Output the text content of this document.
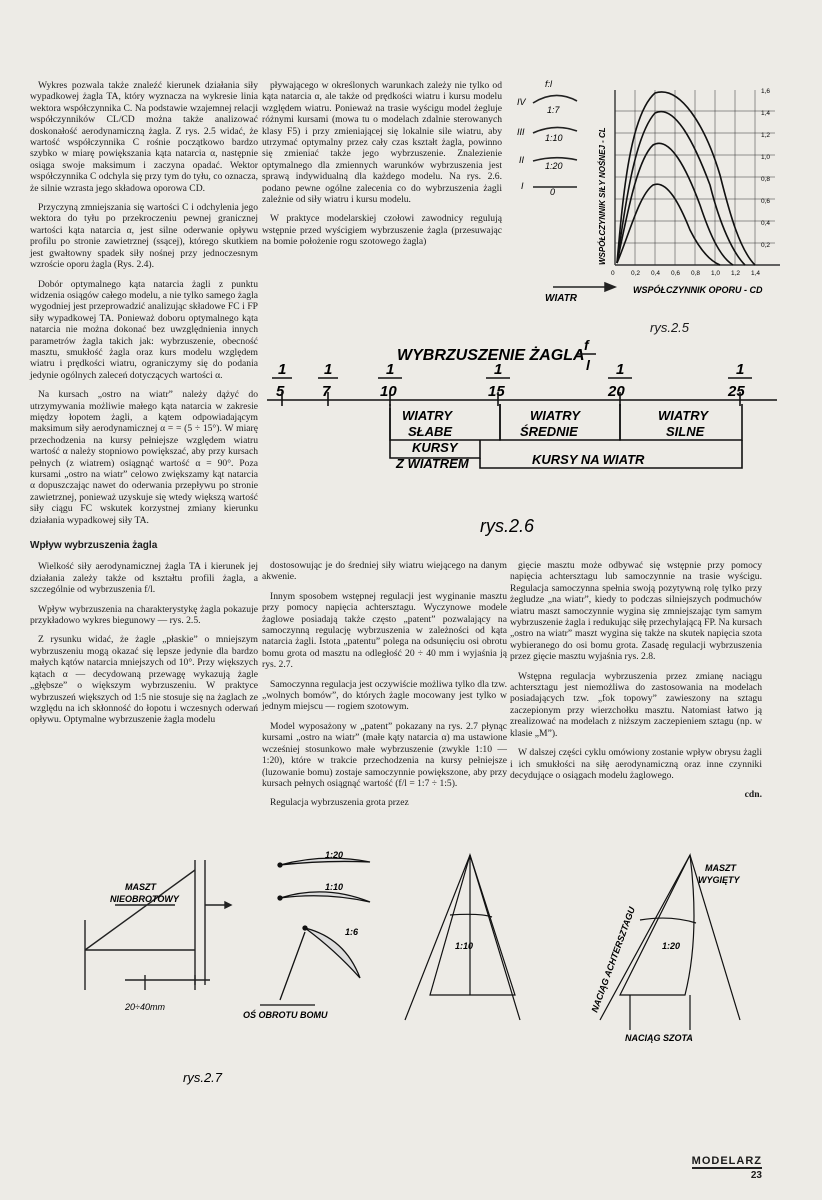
Wykres pozwala także znaleźć kierunek działania siły wypadkowej żagla TA, który wyznacza na wykresie linia wektora współczynnika C. Na podstawie wzajemnej relacji współczynników CL/CD można także analizować doskonałość aerodynamiczną żagla. Z rys. 2.5 widać, że wartość współczynnika C rośnie początkowo bardzo szybko w miarę powiększania kąta natarcia α, następnie osiąga swoje maksimum i zaczyna opadać. Wektor współczynnika C odchyla się przy tym do tyłu, co oznacza, że silnie wzrasta jego składowa oporowa CD.

Przyczyną zmniejszania się wartości C i odchylenia jego wektora do tyłu po przekroczeniu pewnej granicznej wartości kąta natarcia α, jest silne oderwanie opływu profilu po stronie zawietrznej (ssącej), którego skutkiem jest gwałtowny spadek siły nośnej przy jednoczesnym wzroście oporu żagla (Rys. 2.4).

Dobór optymalnego kąta natarcia żagli z punktu widzenia osiągów całego modelu, a nie tylko samego żagla wygodniej jest przeprowadzić analizując składowe FC i FP siły wypadkowej TA. Ponieważ doboru optymalnego kąta natarcia nie można dokonać bez uwzględnienia innych parametrów żagla takich jak: wybrzuszenie, obecność masztu, smukłość żagla oraz kurs modelu względem wiatru i prędkości wiatru, ograniczymy się do podania jedynie ogólnych zaleceń dotyczących wartości α.

Na kursach „ostro na wiatr” należy dążyć do utrzymywania możliwie małego kąta natarcia w zakresie między łopotem żagli, a kątem odpowiadającym maksimum siły aerodynamicznej α = = (5 ÷ 15°). W miarę przechodzenia na kursy pełniejsze względem wiatru wartość α należy stopniowo powiększać, aby przy kursach pełnych (z wiatrem) osiągnąć wartość α = 90°. Poza kursami „ostro na wiatr” celowo zwiększamy kąt natarcia α dopuszczając nawet do oderwania przepływu po stronie zawietrznej, ponieważ uzyskuje się wtedy większą wartość siły ciągu FC wskutek korzystnej zmiany kierunku działania wypadkowej siły TA.

Wpływ wybrzuszenia żagla

Wielkość siły aerodynamicznej żagla TA i kierunek jej działania zależy także od kształtu profili żagla, a szczególnie od wybrzuszenia f/l.

Wpływ wybrzuszenia na charakterystykę żagla pokazuje przykładowo wykres biegunowy — rys. 2.5.

Z rysunku widać, że żagle „płaskie” o mniejszym wybrzuszeniu mogą okazać się lepsze jedynie dla bardzo małych kątów natarcia mniejszych od 10°. Przy większych kątach α — decydowaną przewagę wykazują żagle „głębsze” o większym wybrzuszeniu. W praktyce wybrzuszeń większych od 1:5 nie stosuje się na żaglach ze względu na ich skłonność do łopotu i wczesnych oderwań opływu. Optymalne wybrzuszenie żagla modelu

pływającego w określonych warunkach zależy nie tylko od kąta natarcia α, ale także od prędkości wiatru i kursu modelu względem wiatru. Ponieważ na trasie wyścigu model żegluje różnymi kursami (mowa tu o modelach zdalnie sterowanych klasy F5) i przy zmieniającej się lokalnie sile wiatru, aby utrzymać optymalny przez cały czas kształt żagla, powinno się zmieniać także jego wybrzuszenie. Znalezienie optymalnego dla zmiennych warunków wybrzuszenia jest sprawą indywidualną dla każdego modelu. Na rys. 2.6. podano pewne ogólne zalecenia co do wybrzuszenia żagli zależnie od siły wiatru i kursu modelu.

W praktyce modelarskiej czołowi zawodnicy regulują wstępnie przed wyścigiem wybrzuszenie żagla (przesuwając na bomie położenie rogu szotowego żagla)

f:l
1:7
1:10
1:20
0
IV
III
II
I
WIATR
WSPÓŁCZYNNIK OPORU - CD
WSPÓŁCZYNNIK SIŁY NOŚNEJ - CL
0	0,2 0,4 0,6 0,8 1,0 1,2 1,4
0,2
0,4
0,6
0,8
1,0
1,2
1,4
1,6
rys.2.5
WYBRZUSZENIE ŻAGLA
f
l
1
5
1
7
1
10
1
15
1
20
1
25
WIATRY
SŁABE
WIATRY
ŚREDNIE
WIATRY
SILNE
KURSY
Z WIATREM	KURSY NA WIATR
rys.2.6

dostosowując je do średniej siły wiatru wiejącego na danym akwenie.

Innym sposobem wstępnej regulacji jest wyginanie masztu przy pomocy napięcia achtersztagu. Wyczynowe modele żaglowe posiadają także często „patent” pozwalający na samoczynną regulację wybrzuszenia w zależności od kąta natarcia żagli. Istota „patentu” polega na odsunięciu osi obrotu bomu grota od masztu na odległość 20 ÷ 40 mm i wyjaśnia ją rys. 2.7.

Samoczynna regulacja jest oczywiście możliwa tylko dla tzw. „wolnych bomów”, do których żagle mocowany jest tylko w jednym miejscu — rogiem szotowym.

Model wyposażony w „patent” pokazany na rys. 2.7 płynąc kursami „ostro na wiatr” (małe kąty natarcia α) ma ustawione wcześniej stosunkowo małe wybrzuszenie (zwykle 1:10 — 1:20), które w trakcie przechodzenia na kursy pełniejsze (luzowanie bomu) zostaje samoczynnie powiększone, aby przy kursach pełnych osiągnąć wartość (f/l = 1:7 ÷ 1:5).

Regulacja wybrzuszenia grota przez

gięcie masztu może odbywać się wstępnie przy pomocy napięcia achtersztagu lub samoczynnie na trasie wyścigu. Regulacja samoczynna spełnia swoją pozytywną rolę tylko przy żegludze „na wiatr”, kiedy to podczas silniejszych podmuchów wiatru maszt samoczynnie wygina się zmniejszając tym samym wybrzuszenie żagla i redukując siłę przechylającą FP. Na kursach „ostro na wiatr” maszt wygina się także na skutek napięcia szota wybieranego do osi bomu grota. Zasadę regulacji wybrzuszenia przez gięcie masztu wyjaśnia rys. 2.8.

Wstępna regulacja wybrzuszenia przez zmianę naciągu achtersztagu jest niemożliwa do zastosowania na modelach posiadających tzw. „fok topowy” zawieszony na sztagu zaczepionym przy wierzchołku masztu. Natomiast łatwo ją zrealizować na modelach z niższym zaczepieniem sztagu (np. w klasie „M”).

W dalszej części cyklu omówiony zostanie wpływ obrysu żagli i ich smukłości na siłę aerodynamiczną oraz inne czynniki decydujące o osiągach modelu żaglowego.

cdn.
MASZT
NIEOBROTOWY
20÷40mm
1:20
1:10
1:6
OŚ OBROTU BOMU
rys.2.7
1:10	1:20
MASZT
WYGIĘTY
NACIĄG ACHTERSZTAGU
NACIĄG SZOTA
MODELARZ
23
